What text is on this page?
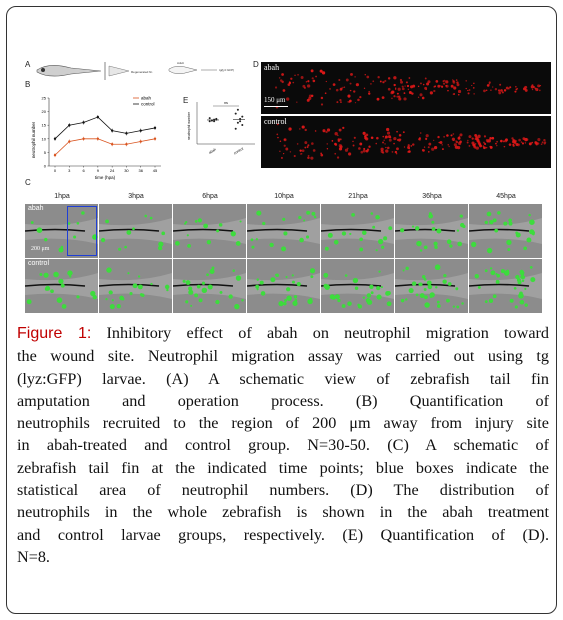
A
B
C
D
E
Regenerated fin
Adult
tg(lyz:GFP)
neutrophil number
time (hpa)
0
5
10
15
20
25
0	3	6	9	24 30 36 45
abah
control
neutrophil number
ns
abah	control
abah
150 μm
control
1hpa	3hpa	6hpa	10hpa	21hpa	36hpa	45hpa
abah
200 μm
control
Figure 1: Inhibitory effect of abah on neutrophil migration toward
the wound site. Neutrophil migration assay was carried out using tg
(lyz:GFP) larvae. (A) A schematic view of zebrafish tail fin
amputation and operation process. (B) Quantification of
neutrophils recruited to the region of 200 μm away from injury site
in abah-treated and control group. N=30-50. (C) A schematic of
zebrafish tail fin at the indicated time points; blue boxes indicate the
statistical area of neutrophil numbers. (D) The distribution of
neutrophils in the whole zebrafish is shown in the abah treatment
and control larvae groups, respectively. (E) Quantification of (D).
N=8.
